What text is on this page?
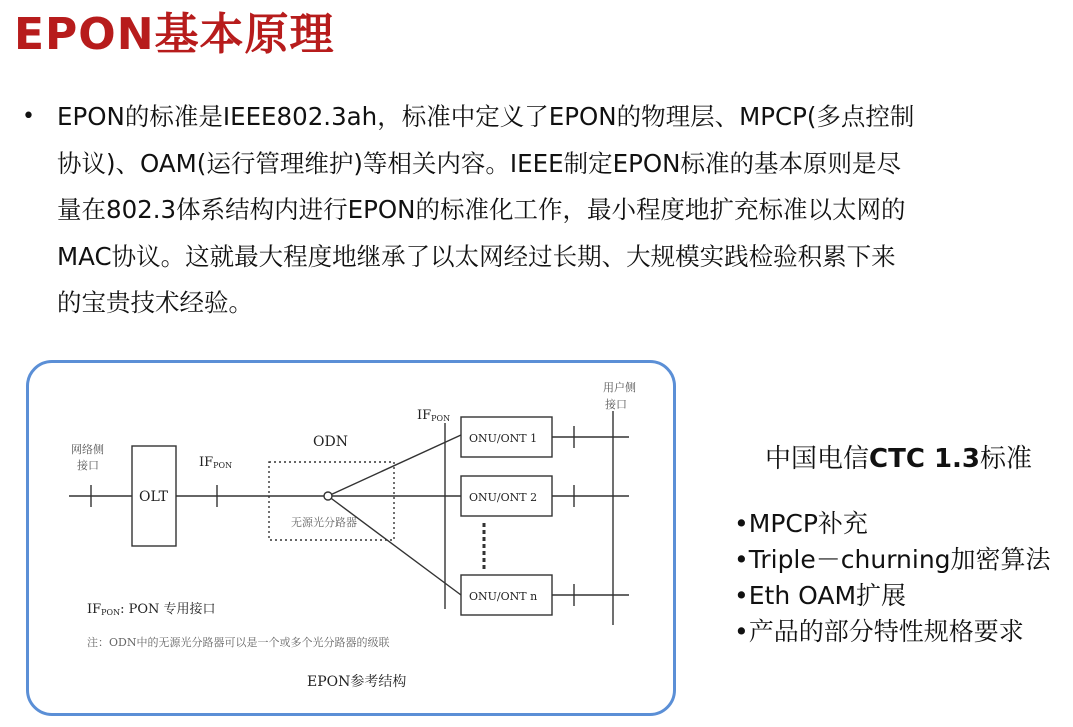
EPON基本原理
• EPON的标准是IEEE802.3ah，标准中定义了EPON的物理层、MPCP(多点控制
协议)、OAM(运行管理维护)等相关内容。IEEE制定EPON标准的基本原则是尽
量在802.3体系结构内进行EPON的标准化工作，最小程度地扩充标准以太网的
MAC协议。这就最大程度地继承了以太网经过长期、大规模实践检验积累下来
的宝贵技术经验。

网络侧
接口
用户侧
接口
OLT
IFPON
IFPON
ODN
无源光分路器
ONU/ONT 1
ONU/ONT 2
ONU/ONT n
IFPON: PON 专用接口
注：ODN中的无源光分路器可以是一个或多个光分路器的级联
EPON参考结构

中国电信CTC 1.3标准

•MPCP补充
•Triple－churning加密算法
•Eth OAM扩展
•产品的部分特性规格要求
